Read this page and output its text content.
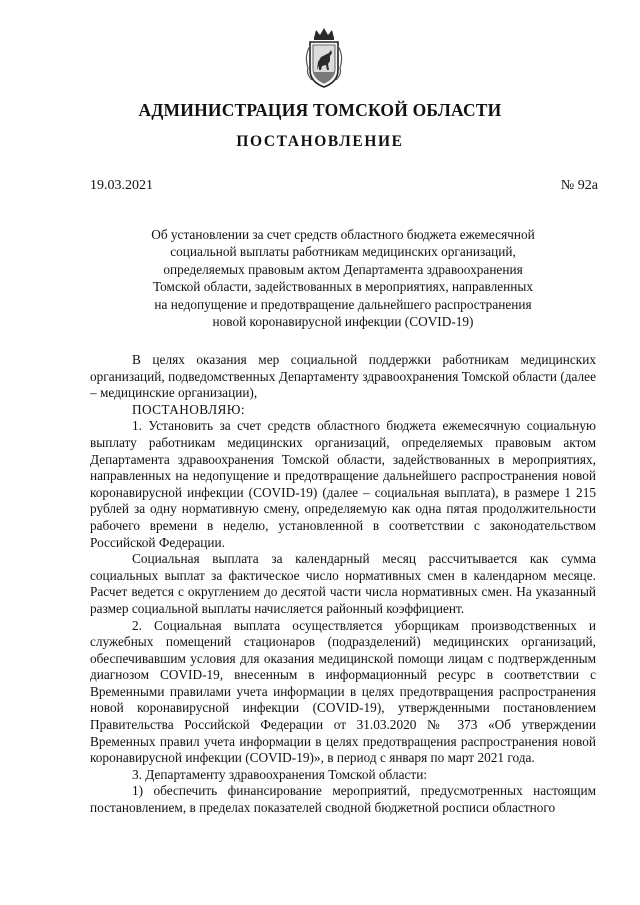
АДМИНИСТРАЦИЯ ТОМСКОЙ ОБЛАСТИ
ПОСТАНОВЛЕНИЕ
19.03.2021	№ 92а
Об установлении за счет средств областного бюджета ежемесячной
социальной выплаты работникам медицинских организаций,
определяемых правовым актом Департамента здравоохранения
Томской области, задействованных в мероприятиях, направленных
на недопущение и предотвращение дальнейшего распространения
новой коронавирусной инфекции (COVID-19)

В целях оказания мер социальной поддержки работникам медицинских организаций, подведомственных Департаменту здравоохранения Томской области (далее – медицинские организации),

ПОСТАНОВЛЯЮ:

1. Установить за счет средств областного бюджета ежемесячную социальную выплату работникам медицинских организаций, определяемых правовым актом Департамента здравоохранения Томской области, задействованных в мероприятиях, направленных на недопущение и предотвращение дальнейшего распространения новой коронавирусной инфекции (COVID-19) (далее – социальная выплата), в размере 1 215 рублей за одну нормативную смену, определяемую как одна пятая продолжительности рабочего времени в неделю, установленной в соответствии с законодательством Российской Федерации.

Социальная выплата за календарный месяц рассчитывается как сумма социальных выплат за фактическое число нормативных смен в календарном месяце. Расчет ведется с округлением до десятой части числа нормативных смен. На указанный размер социальной выплаты начисляется районный коэффициент.

2. Социальная выплата осуществляется уборщикам производственных и служебных помещений стационаров (подразделений) медицинских организаций, обеспечивавшим условия для оказания медицинской помощи лицам с подтвержденным диагнозом COVID-19, внесенным в информационный ресурс в соответствии с Временными правилами учета информации в целях предотвращения распространения новой коронавирусной инфекции (COVID-19), утвержденными постановлением Правительства Российской Федерации от 31.03.2020 № 373 «Об утверждении Временных правил учета информации в целях предотвращения распространения новой коронавирусной инфекции (COVID-19)», в период с января по март 2021 года.

3. Департаменту здравоохранения Томской области:

1) обеспечить финансирование мероприятий, предусмотренных настоящим постановлением, в пределах показателей сводной бюджетной росписи областного
